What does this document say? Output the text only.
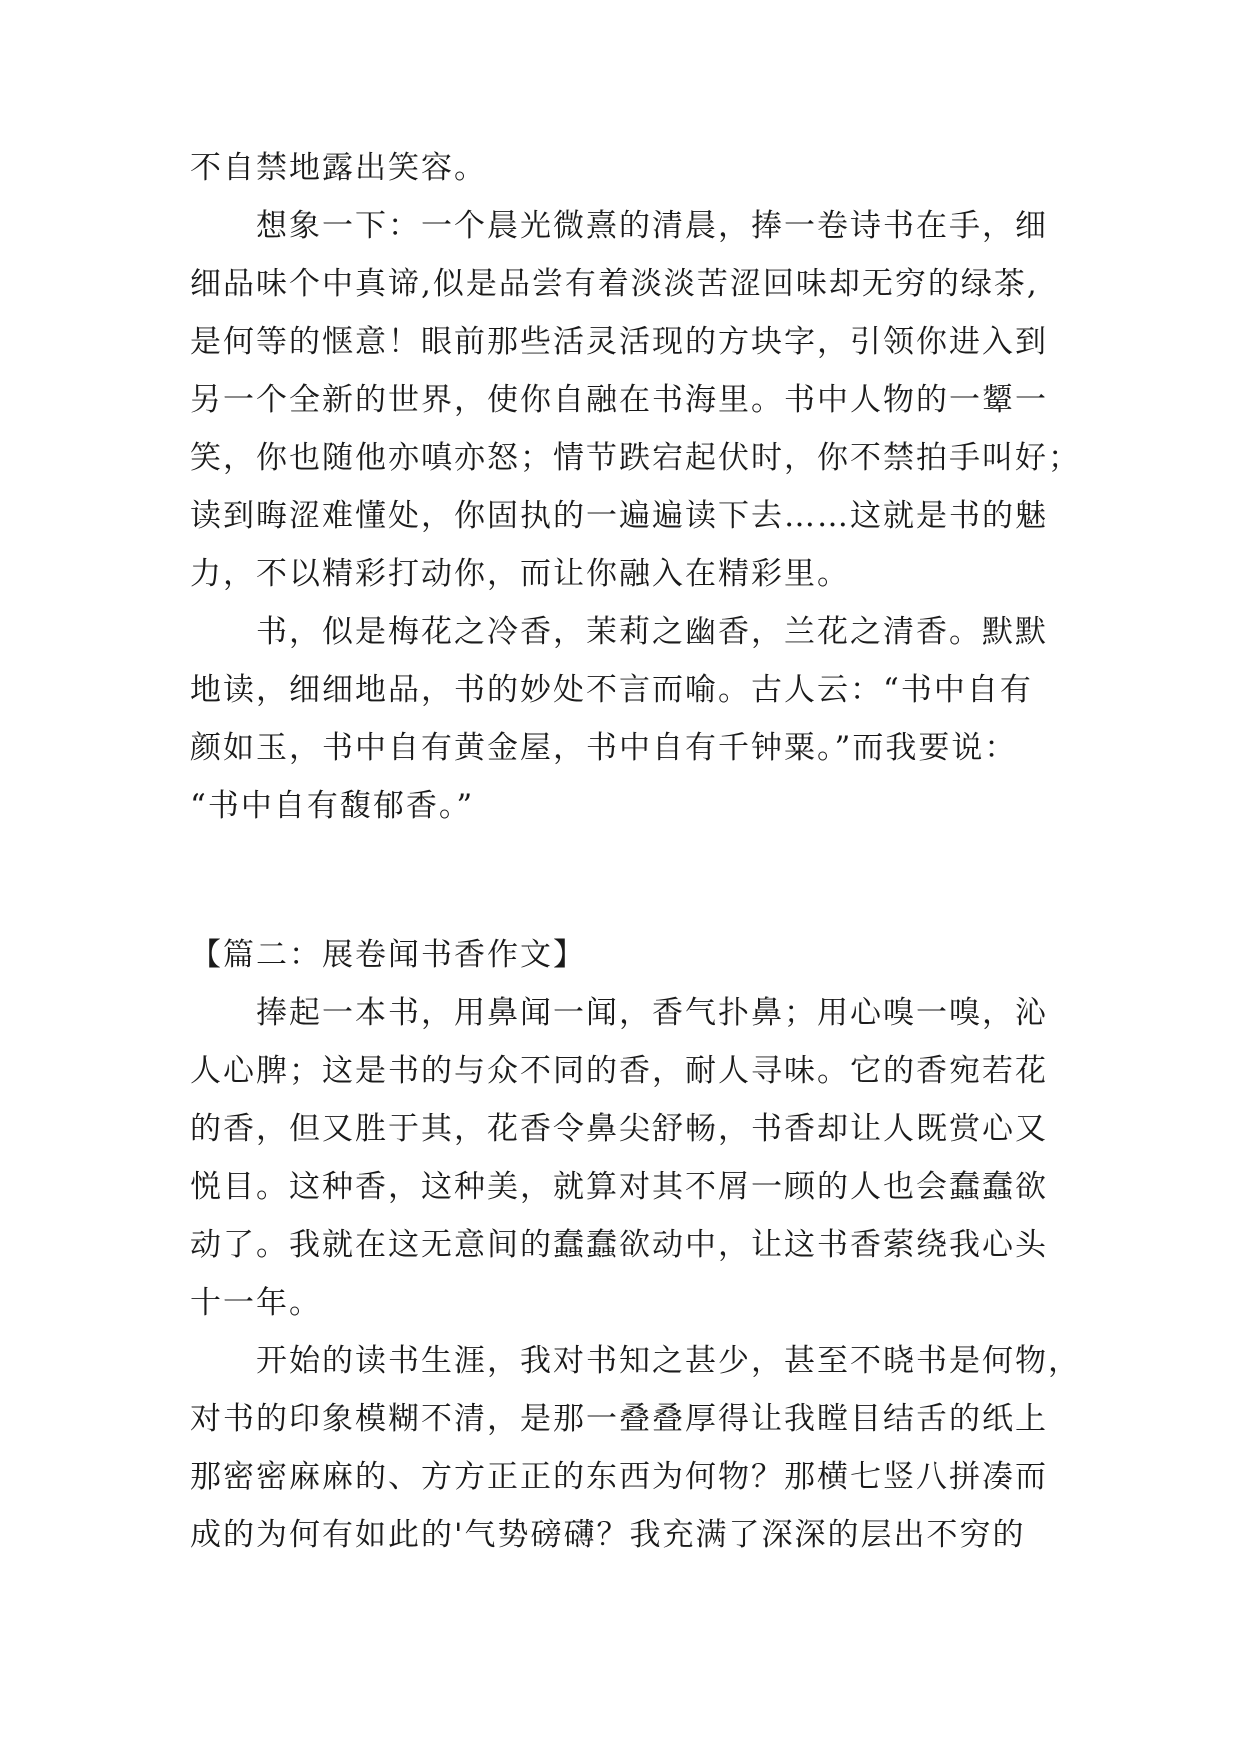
不自禁地露出笑容。
想象一下：一个晨光微熹的清晨，捧一卷诗书在手，细
细品味个中真谛,似是品尝有着淡淡苦涩回味却无穷的绿茶,
是何等的惬意！眼前那些活灵活现的方块字，引领你进入到
另一个全新的世界，使你自融在书海里。书中人物的一颦一
笑，你也随他亦嗔亦怒；情节跌宕起伏时，你不禁拍手叫好；
读到晦涩难懂处，你固执的一遍遍读下去……这就是书的魅
力，不以精彩打动你，而让你融入在精彩里。
书，似是梅花之冷香，茉莉之幽香，兰花之清香。默默
地读，细细地品，书的妙处不言而喻。古人云：“书中自有
颜如玉，书中自有黄金屋，书中自有千钟粟。”而我要说：
“书中自有馥郁香。”
【篇二：展卷闻书香作文】
捧起一本书，用鼻闻一闻，香气扑鼻；用心嗅一嗅，沁
人心脾；这是书的与众不同的香，耐人寻味。它的香宛若花
的香，但又胜于其，花香令鼻尖舒畅，书香却让人既赏心又
悦目。这种香，这种美，就算对其不屑一顾的人也会蠢蠢欲
动了。我就在这无意间的蠢蠢欲动中，让这书香萦绕我心头
十一年。
开始的读书生涯，我对书知之甚少，甚至不晓书是何物，
对书的印象模糊不清，是那一叠叠厚得让我瞠目结舌的纸上
那密密麻麻的、方方正正的东西为何物？那横七竖八拼凑而
成的为何有如此的'气势磅礴？我充满了深深的层出不穷的
